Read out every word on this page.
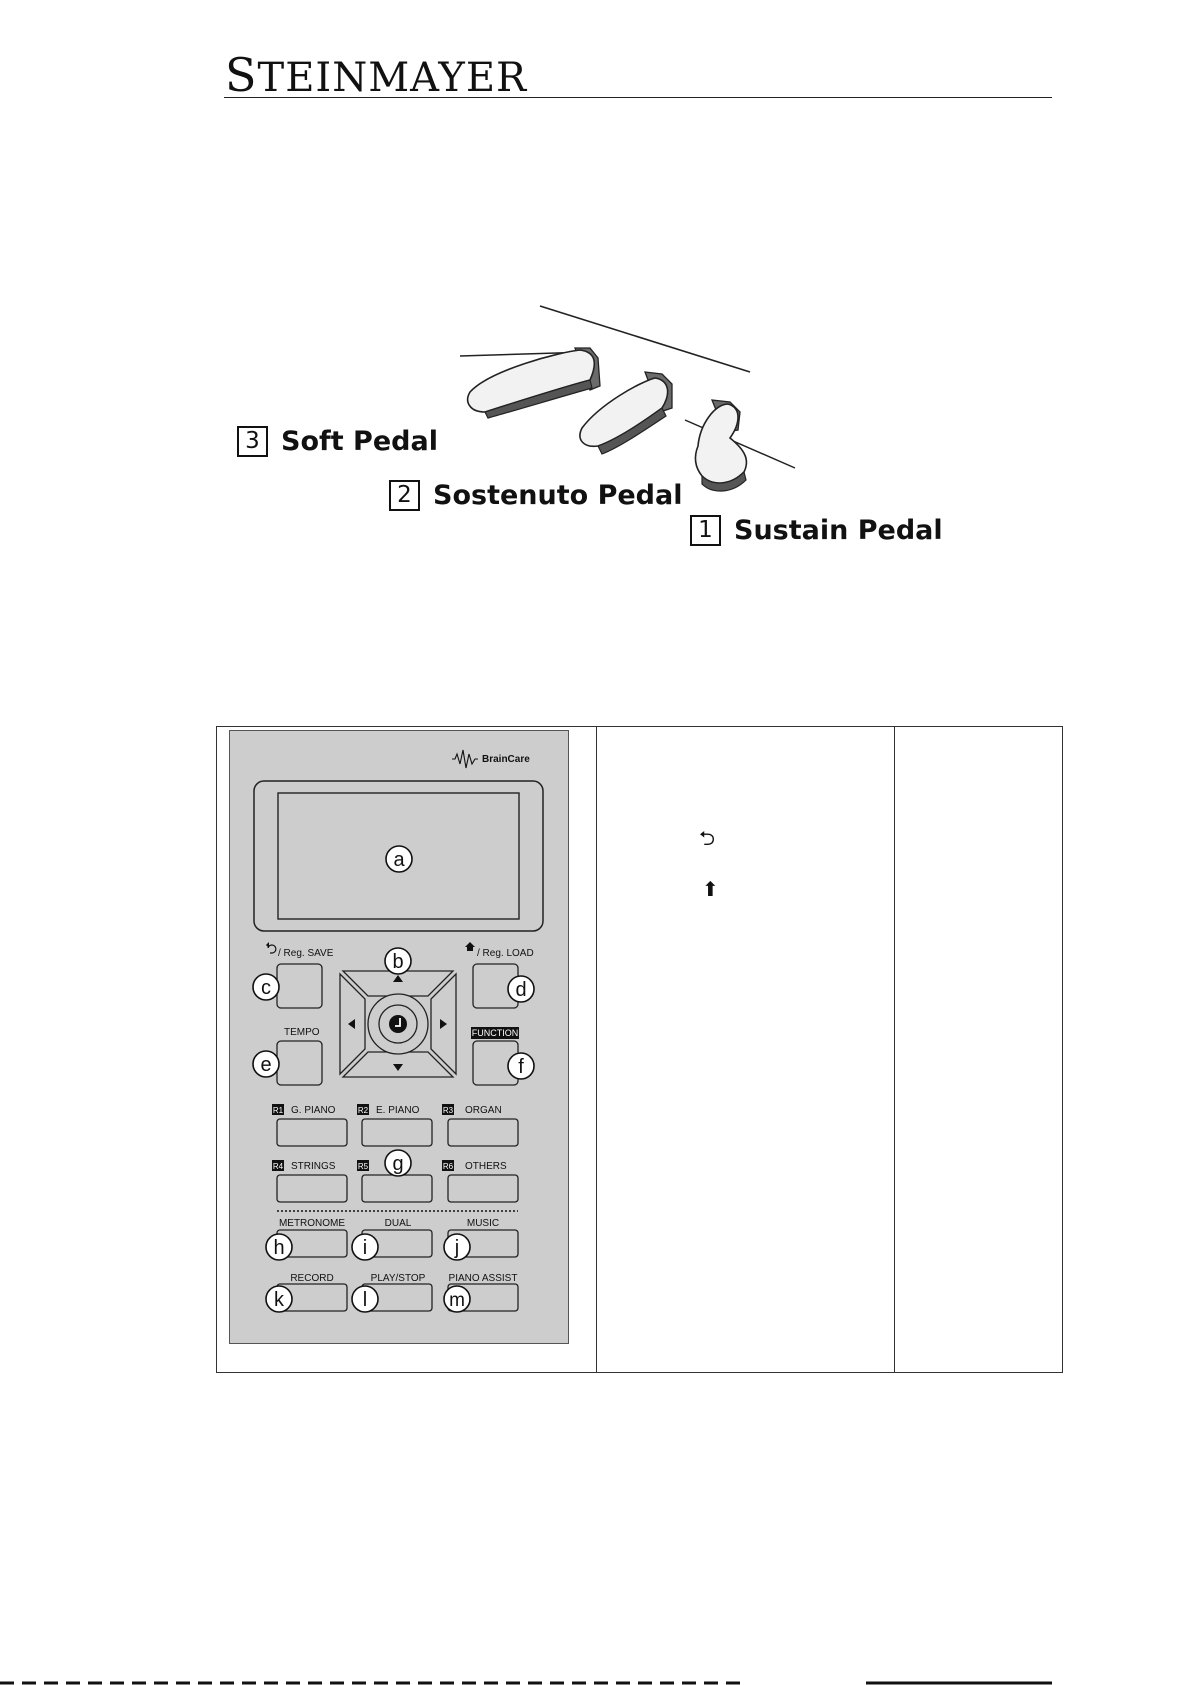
STEINMAYER
3 Soft Pedal
2 Sostenuto Pedal
1 Sustain Pedal
⮌
⬆
BrainCare
a
/ Reg. SAVE	/ Reg. LOAD
c	d
b
TEMPO
e
FUNCTION
f
R1 G. PIANO	R2 E. PIANO	R3 ORGAN
R4 STRINGS	R5	R6 OTHERS
g
METRONOME	DUAL	MUSIC
h	i	j
RECORD	PLAY/STOP PIANO ASSIST
k	l	m
